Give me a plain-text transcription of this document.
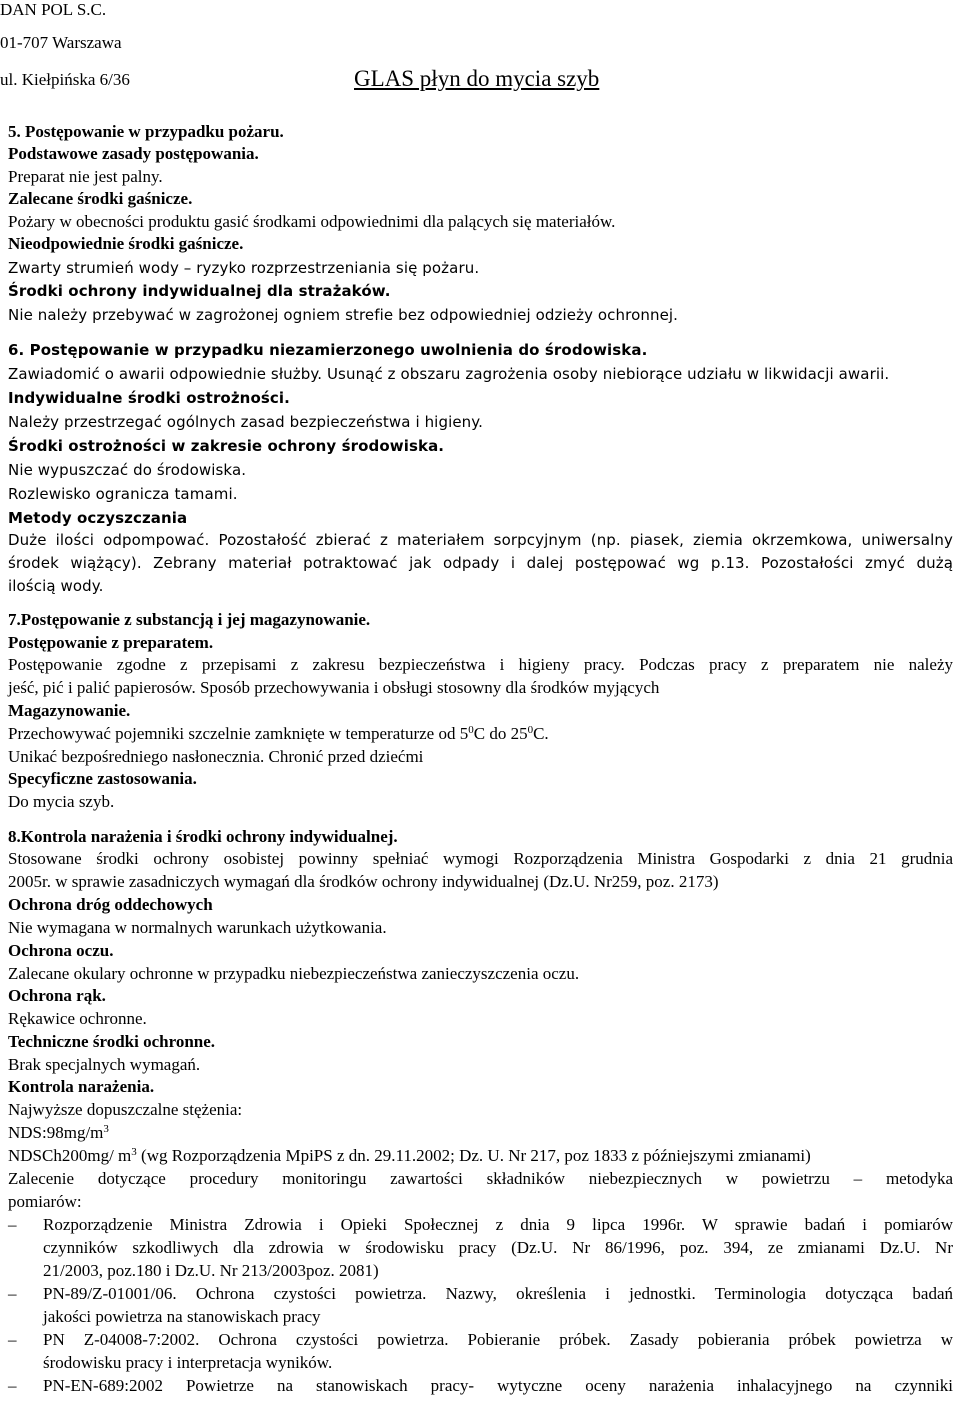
DAN POL S.C.
01-707 Warszawa
ul. Kiełpińska 6/36	GLAS płyn do mycia szyb
5. Postępowanie w przypadku pożaru.
Podstawowe zasady postępowania.
Preparat nie jest palny.
Zalecane środki gaśnicze.
Pożary w obecności produktu gasić środkami odpowiednimi dla palących się materiałów.
Nieodpowiednie środki gaśnicze.
Zwarty strumień wody – ryzyko rozprzestrzeniania się pożaru.
Środki ochrony indywidualnej dla strażaków.
Nie należy przebywać w zagrożonej ogniem strefie bez odpowiedniej odzieży ochronnej.
6. Postępowanie w przypadku niezamierzonego uwolnienia do środowiska.
Zawiadomić o awarii odpowiednie służby. Usunąć z obszaru zagrożenia osoby niebiorące udziału w likwidacji awarii.
Indywidualne środki ostrożności.
Należy przestrzegać ogólnych zasad bezpieczeństwa i higieny.
Środki ostrożności w zakresie ochrony środowiska.
Nie wypuszczać do środowiska.
Rozlewisko ogranicza tamami.
Metody oczyszczania
Duże ilości odpompować. Pozostałość zbierać z materiałem sorpcyjnym (np. piasek, ziemia okrzemkowa, uniwersalny
środek wiążący). Zebrany materiał potraktować jak odpady i dalej postępować wg p.13. Pozostałości zmyć dużą
ilością wody.
7.Postępowanie z substancją i jej magazynowanie.
Postępowanie z preparatem.
Postępowanie zgodne z przepisami z zakresu bezpieczeństwa i higieny pracy. Podczas pracy z preparatem nie należy
jeść, pić i palić papierosów. Sposób przechowywania i obsługi stosowny dla środków myjących
Magazynowanie.
Przechowywać pojemniki szczelnie zamknięte w temperaturze od $5^0C$ do $25^0C$.
Unikać bezpośredniego nasłonecznia. Chronić przed dziećmi
Specyficzne zastosowania.
Do mycia szyb.
8.Kontrola narażenia i środki ochrony indywidualnej.
Stosowane środki ochrony osobistej powinny spełniać wymogi Rozporządzenia Ministra Gospodarki z dnia 21 grudnia
2005r. w sprawie zasadniczych wymagań dla środków ochrony indywidualnej (Dz.U. Nr259, poz. 2173)
Ochrona dróg oddechowych
Nie wymagana w normalnych warunkach użytkowania.
Ochrona oczu.
Zalecane okulary ochronne w przypadku niebezpieczeństwa zanieczyszczenia oczu.
Ochrona rąk.
Rękawice ochronne.
Techniczne środki ochronne.
Brak specjalnych wymagań.
Kontrola narażenia.
Najwyższe dopuszczalne stężenia:
$NDS:98mg/m^3$
NDSCh200mg/ $m^3$ (wg Rozporządzenia MpiPS z dn. 29.11.2002; Dz. U. Nr 217, poz 1833 z późniejszymi zmianami)
Zalecenie dotyczące procedury monitoringu zawartości składników niebezpiecznych w powietrzu – metodyka
pomiarów:
– Rozporządzenie Ministra Zdrowia i Opieki Społecznej z dnia 9 lipca 1996r. W sprawie badań i pomiarów
czynników szkodliwych dla zdrowia w środowisku pracy (Dz.U. Nr 86/1996, poz. 394, ze zmianami Dz.U. Nr
21/2003, poz.180 i Dz.U. Nr 213/2003poz. 2081)
– PN-89/Z-01001/06. Ochrona czystości powietrza. Nazwy, określenia i jednostki. Terminologia dotycząca badań
jakości powietrza na stanowiskach pracy
– PN Z-04008-7:2002. Ochrona czystości powietrza. Pobieranie próbek. Zasady pobierania próbek powietrza w
środowisku pracy i interpretacja wyników.
– PN-EN-689:2002 Powietrze na stanowiskach pracy- wytyczne oceny narażenia inhalacyjnego na czynniki
